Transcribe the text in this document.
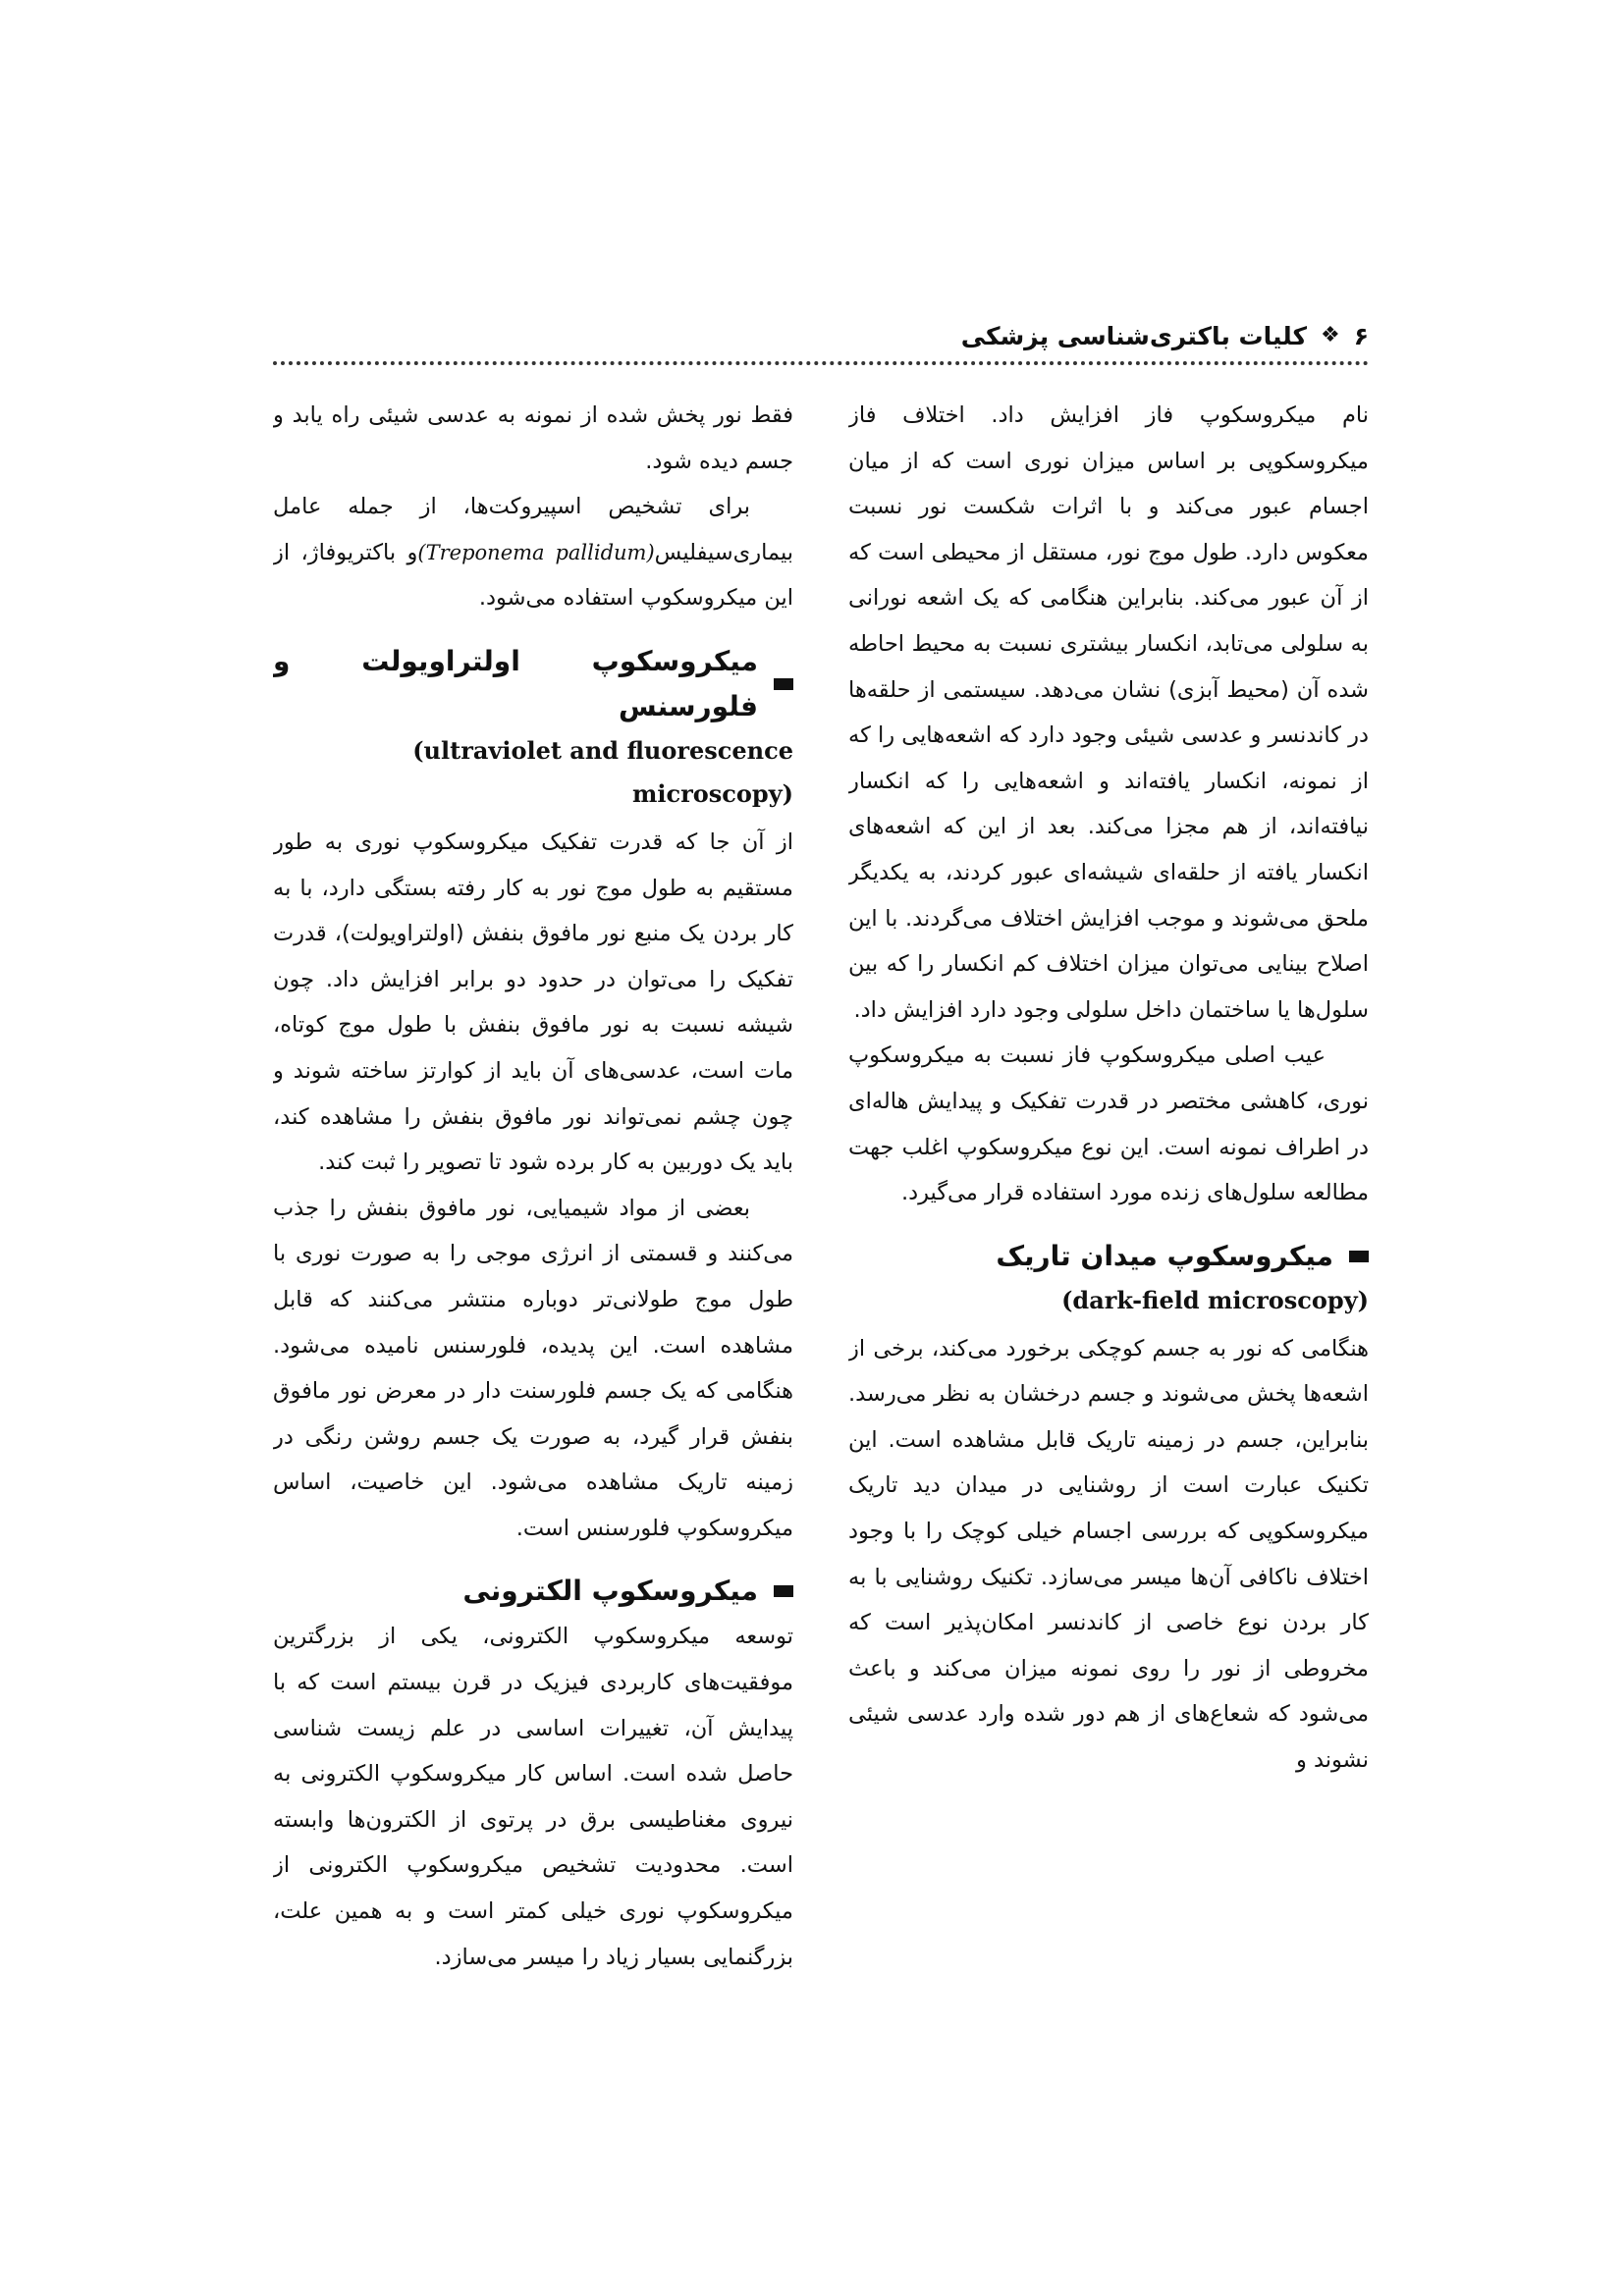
۶
❖
کلیات باکتری‌شناسی پزشکی

نام میکروسکوپ فاز افزایش داد. اختلاف فاز میکروسکوپی بر اساس میزان نوری است که از میان اجسام عبور می‌کند و با اثرات شکست نور نسبت معکوس دارد. طول موج نور، مستقل از محیطی است که از آن عبور می‌کند. بنابراین هنگامی که یک اشعه نورانی به سلولی می‌تابد، انکسار بیشتری نسبت به محیط احاطه شده آن (محیط آبزی) نشان می‌دهد. سیستمی از حلقه‌ها در کاندنسر و عدسی شیئی وجود دارد که اشعه‌هایی را که از نمونه، انکسار یافته‌اند و اشعه‌هایی را که انکسار نیافته‌اند، از هم مجزا می‌کند. بعد از این که اشعه‌های انکسار یافته از حلقه‌ای شیشه‌ای عبور کردند، به یکدیگر ملحق می‌شوند و موجب افزایش اختلاف می‌گردند. با این اصلاح بینایی می‌توان میزان اختلاف کم انکسار را که بین سلول‌ها یا ساختمان داخل سلولی وجود دارد افزایش داد.

عیب اصلی میکروسکوپ فاز نسبت به میکروسکوپ نوری، کاهشی مختصر در قدرت تفکیک و پیدایش هاله‌ای در اطراف نمونه است. این نوع میکروسکوپ اغلب جهت مطالعه سلول‌های زنده مورد استفاده قرار می‌گیرد.

میکروسکوپ میدان تاریک
(dark-field microscopy)

هنگامی که نور به جسم کوچکی برخورد می‌کند، برخی از اشعه‌ها پخش می‌شوند و جسم درخشان به نظر می‌رسد. بنابراین، جسم در زمینه تاریک قابل مشاهده است. این تکنیک عبارت است از روشنایی در میدان دید تاریک میکروسکوپی که بررسی اجسام خیلی کوچک را با وجود اختلاف ناکافی آن‌ها میسر می‌سازد. تکنیک روشنایی با به کار بردن نوع خاصی از کاندنسر امکان‌پذیر است که مخروطی از نور را روی نمونه میزان می‌کند و باعث می‌شود که شعاع‌های از هم دور شده وارد عدسی شیئی نشوند و

فقط نور پخش شده از نمونه به عدسی شیئی راه یابد و جسم دیده شود.

برای تشخیص اسپیروکت‌ها، از جمله عامل بیماری‌سیفلیس(Treponema pallidum)و باکتریوفاژ، از این میکروسکوپ استفاده می‌شود.

میکروسکوپ اولتراویولت و فلورسنس
(ultraviolet and fluorescence microscopy)

از آن جا که قدرت تفکیک میکروسکوپ نوری به طور مستقیم به طول موج نور به کار رفته بستگی دارد، با به کار بردن یک منبع نور مافوق بنفش (اولتراویولت)، قدرت تفکیک را می‌توان در حدود دو برابر افزایش داد. چون شیشه نسبت به نور مافوق بنفش با طول موج کوتاه، مات است، عدسی‌های آن باید از کوارتز ساخته شوند و چون چشم نمی‌تواند نور مافوق بنفش را مشاهده کند، باید یک دوربین به کار برده شود تا تصویر را ثبت کند.

بعضی از مواد شیمیایی، نور مافوق بنفش را جذب می‌کنند و قسمتی از انرژی موجی را به صورت نوری با طول موج طولانی‌تر دوباره منتشر می‌کنند که قابل مشاهده است. این پدیده، فلورسنس نامیده می‌شود. هنگامی که یک جسم فلورسنت دار در معرض نور مافوق بنفش قرار گیرد، به صورت یک جسم روشن رنگی در زمینه تاریک مشاهده می‌شود. این خاصیت، اساس میکروسکوپ فلورسنس است.

میکروسکوپ الکترونی

توسعه میکروسکوپ الکترونی، یکی از بزرگترین موفقیت‌های کاربردی فیزیک در قرن بیستم است که با پیدایش آن، تغییرات اساسی در علم زیست شناسی حاصل شده است. اساس کار میکروسکوپ الکترونی به نیروی مغناطیسی برق در پرتوی از الکترون‌ها وابسته است. محدودیت تشخیص میکروسکوپ الکترونی از میکروسکوپ نوری خیلی کمتر است و به همین علت، بزرگنمایی بسیار زیاد را میسر می‌سازد.
